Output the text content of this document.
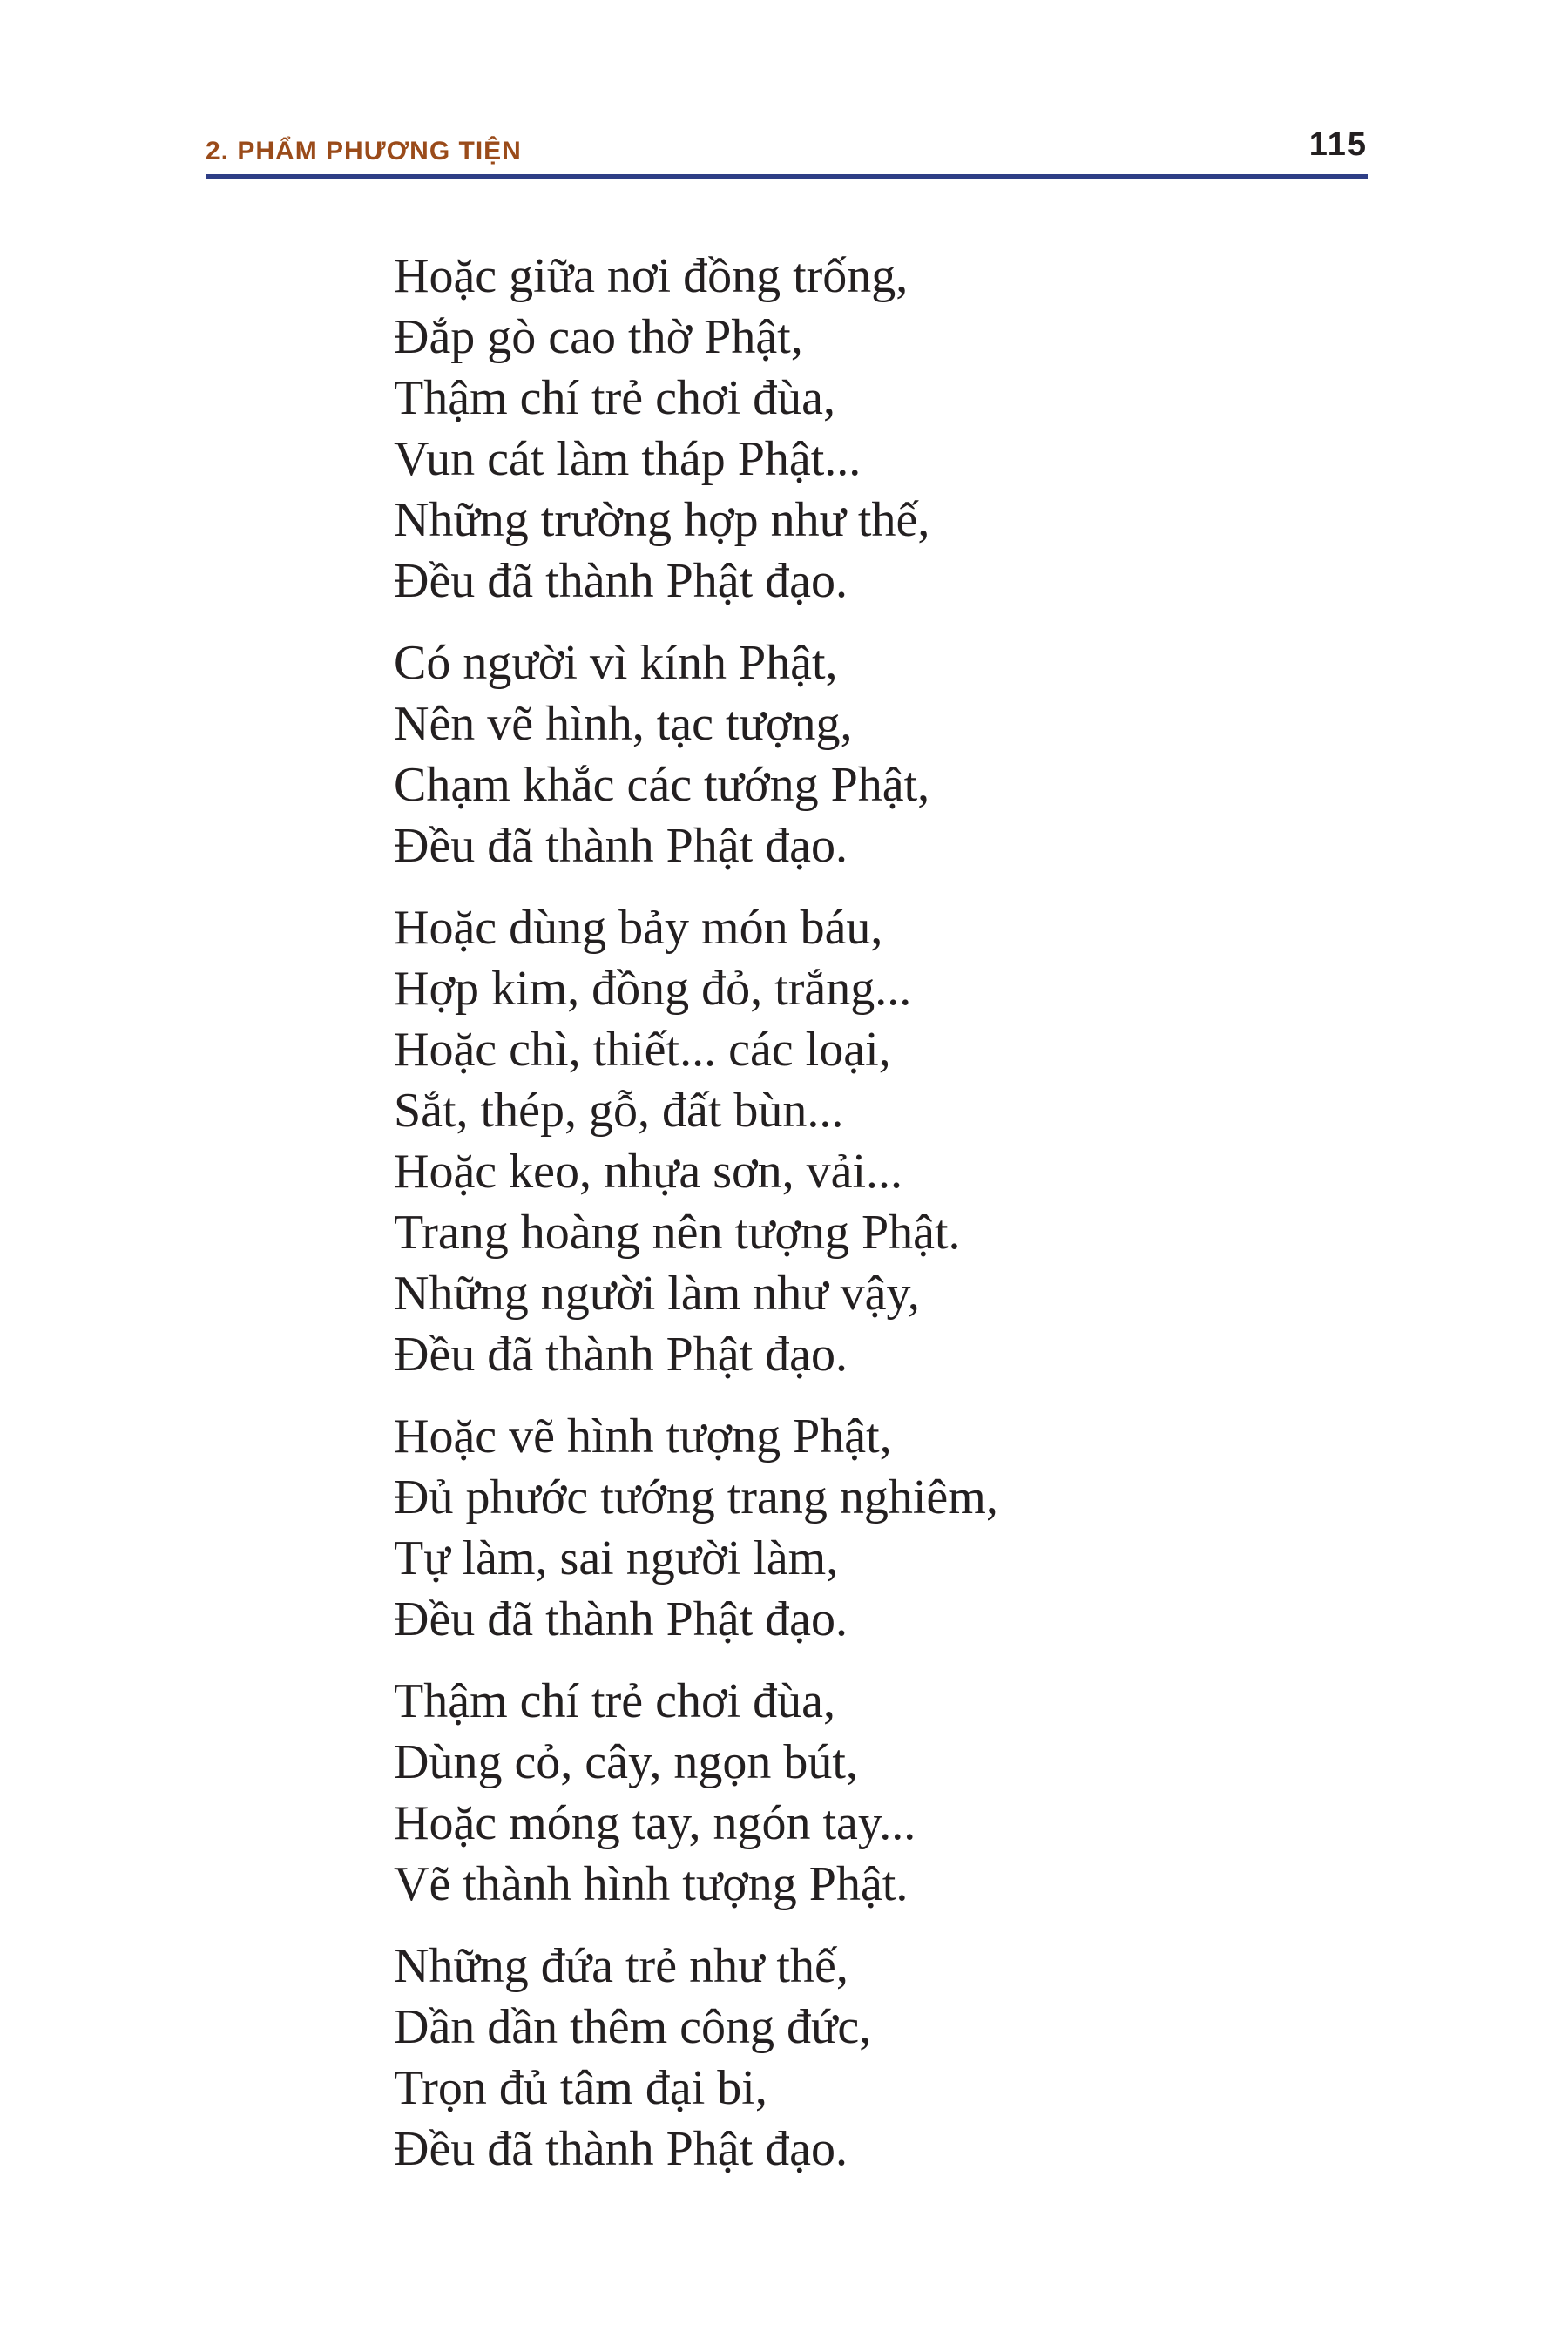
2. PHẨM PHƯƠNG TIỆN	115
Hoặc giữa nơi đồng trống,
Đắp gò cao thờ Phật,
Thậm chí trẻ chơi đùa,
Vun cát làm tháp Phật...
Những trường hợp như thế,
Đều đã thành Phật đạo.
Có người vì kính Phật,
Nên vẽ hình, tạc tượng,
Chạm khắc các tướng Phật,
Đều đã thành Phật đạo.
Hoặc dùng bảy món báu,
Hợp kim, đồng đỏ, trắng...
Hoặc chì, thiết... các loại,
Sắt, thép, gỗ, đất bùn...
Hoặc keo, nhựa sơn, vải...
Trang hoàng nên tượng Phật.
Những người làm như vậy,
Đều đã thành Phật đạo.
Hoặc vẽ hình tượng Phật,
Đủ phước tướng trang nghiêm,
Tự làm, sai người làm,
Đều đã thành Phật đạo.
Thậm chí trẻ chơi đùa,
Dùng cỏ, cây, ngọn bút,
Hoặc móng tay, ngón tay...
Vẽ thành hình tượng Phật.
Những đứa trẻ như thế,
Dần dần thêm công đức,
Trọn đủ tâm đại bi,
Đều đã thành Phật đạo.
